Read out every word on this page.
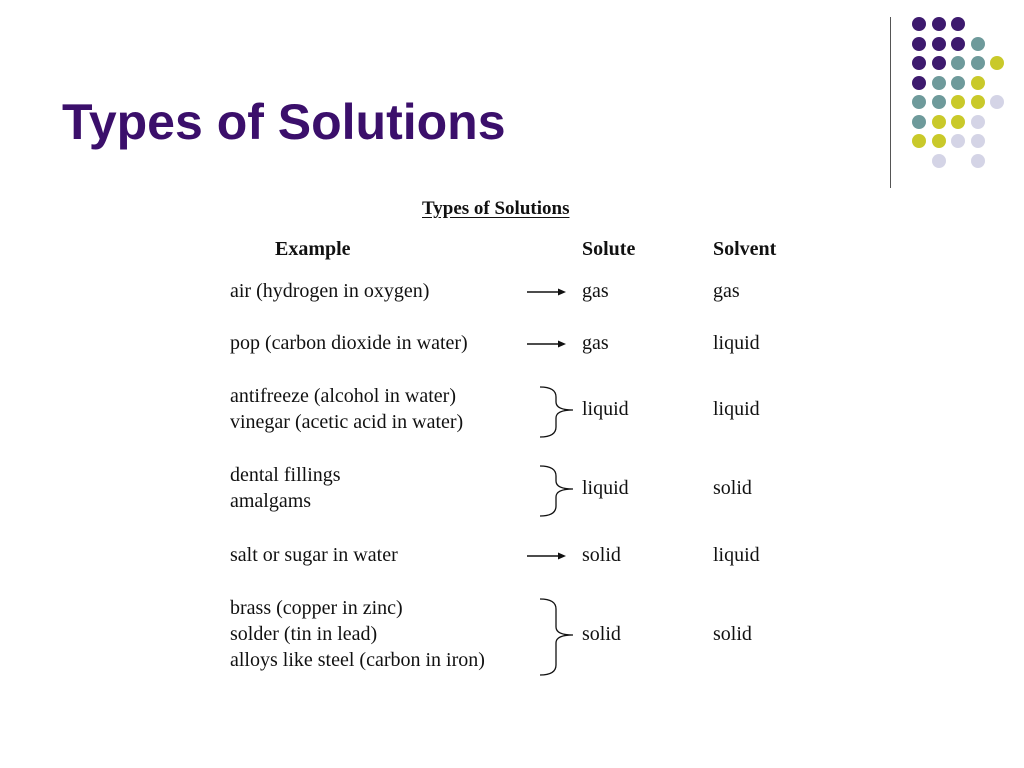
Types of Solutions
Types of Solutions
Example	Solute	Solvent
air (hydrogen in oxygen)	gas	gas
pop (carbon dioxide in water)	gas	liquid
antifreeze (alcohol in water)
vinegar (acetic acid in water)
liquid	liquid
dental fillings
amalgams
liquid	solid
salt or sugar in water	solid	liquid
brass (copper in zinc)
solder (tin in lead)
alloys like steel (carbon in iron)
solid	solid
